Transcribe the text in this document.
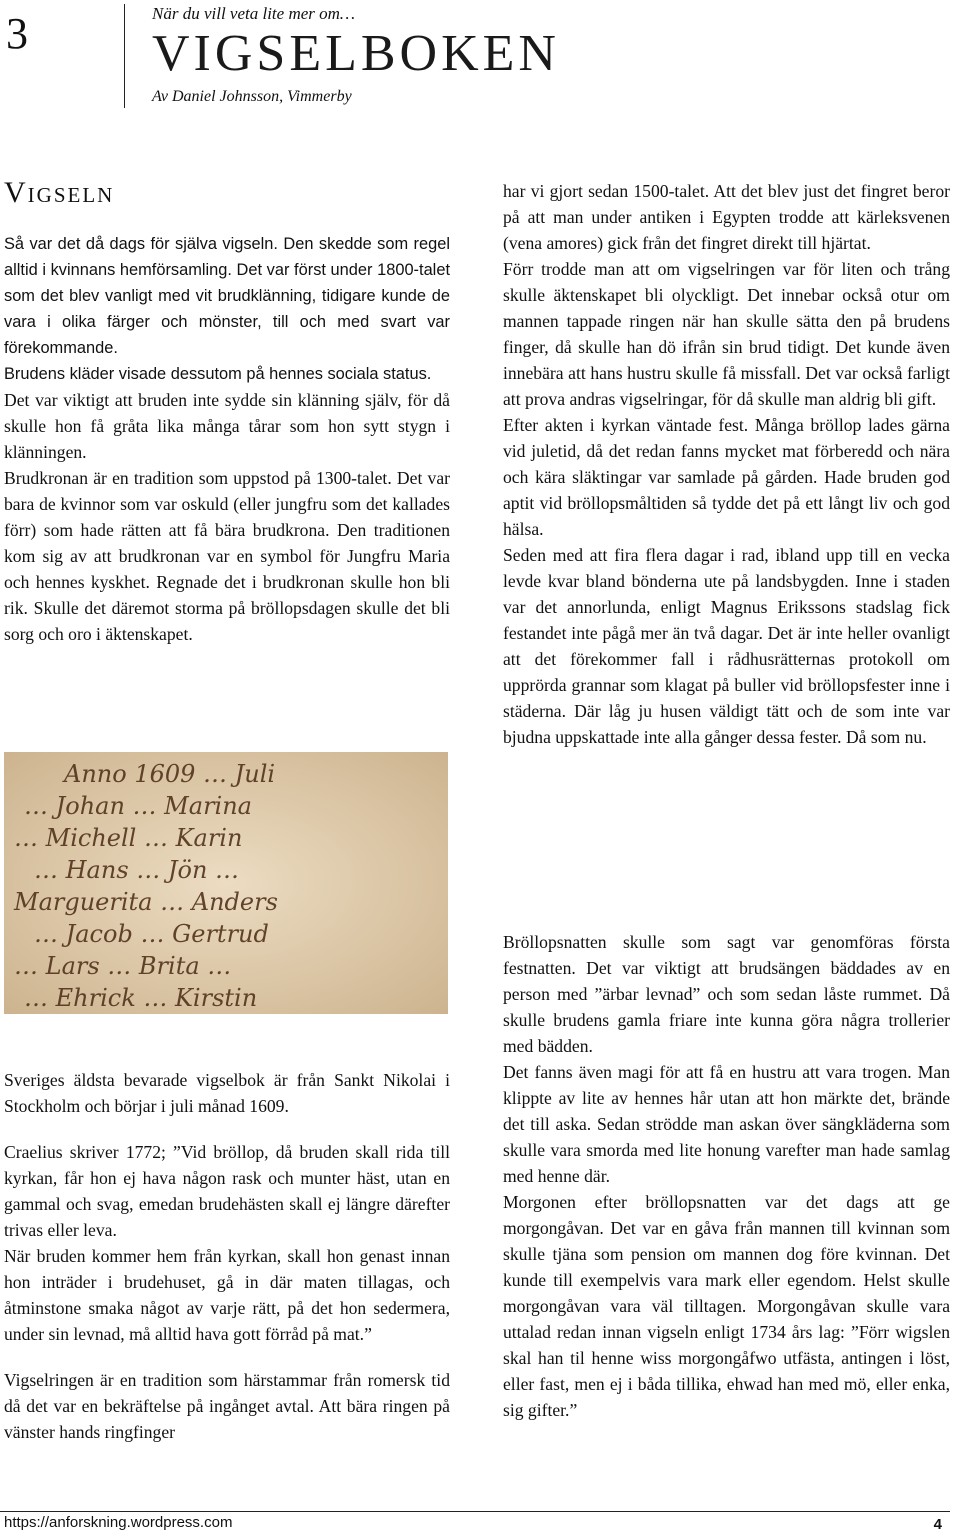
3	När du vill veta lite mer om…
VIGSELBOKEN
Av Daniel Johnsson, Vimmerby
Vigseln

Så var det då dags för själva vigseln. Den skedde som regel alltid i kvinnans hemförsamling. Det var först under 1800-talet som det blev vanligt med vit brudklänning, tidigare kunde de vara i olika färger och mönster, till och med svart var förekommande.

Brudens kläder visade dessutom på hennes sociala status.

Det var viktigt att bruden inte sydde sin klänning själv, för då skulle hon få gråta lika många tårar som hon sytt stygn i klänningen.

Brudkronan är en tradition som uppstod på 1300-talet. Det var bara de kvinnor som var oskuld (eller jungfru som det kallades förr) som hade rätten att få bära brudkrona. Den traditionen kom sig av att brudkronan var en symbol för Jungfru Maria och hennes kyskhet. Regnade det i brudkronan skulle hon bli rik. Skulle det däremot storma på bröllopsdagen skulle det bli sorg och oro i äktenskapet.

Anno 1609 … Juli
… Johan … Marina
… Michell … Karin
… Hans … Jön …
Marguerita … Anders
… Jacob … Gertrud
… Lars … Brita …
… Ehrick … Kirstin

Sveriges äldsta bevarade vigselbok är från Sankt Nikolai i Stockholm och börjar i juli månad 1609.

Craelius skriver 1772; ”Vid bröllop, då bruden skall rida till kyrkan, får hon ej hava någon rask och munter häst, utan en gammal och svag, emedan brudehästen skall ej längre därefter trivas eller leva.

När bruden kommer hem från kyrkan, skall hon genast innan hon inträder i brudehuset, gå in där maten tillagas, och åtminstone smaka något av varje rätt, på det hon sedermera, under sin levnad, må alltid hava gott förråd på mat.”

Vigselringen är en tradition som härstammar från romersk tid då det var en bekräftelse på ingånget avtal. Att bära ringen på vänster hands ringfinger

har vi gjort sedan 1500-talet. Att det blev just det fingret beror på att man under antiken i Egypten trodde att kärleksvenen (vena amores) gick från det fingret direkt till hjärtat.

Förr trodde man att om vigselringen var för liten och trång skulle äktenskapet bli olyckligt. Det innebar också otur om mannen tappade ringen när han skulle sätta den på brudens finger, då skulle han dö ifrån sin brud tidigt. Det kunde även innebära att hans hustru skulle få missfall. Det var också farligt att prova andras vigselringar, för då skulle man aldrig bli gift.

Efter akten i kyrkan väntade fest. Många bröllop lades gärna vid juletid, då det redan fanns mycket mat förberedd och nära och kära släktingar var samlade på gården. Hade bruden god aptit vid bröllopsmåltiden så tydde det på ett långt liv och god hälsa.

Seden med att fira flera dagar i rad, ibland upp till en vecka levde kvar bland bönderna ute på landsbygden. Inne i staden var det annorlunda, enligt Magnus Erikssons stadslag fick festandet inte pågå mer än två dagar. Det är inte heller ovanligt att det förekommer fall i rådhusrätternas protokoll om upprörda grannar som klagat på buller vid bröllopsfester inne i städerna. Där låg ju husen väldigt tätt och de som inte var bjudna uppskattade inte alla gånger dessa fester. Då som nu.

Bröllopsnatten skulle som sagt var genomföras första festnatten. Det var viktigt att brudsängen bäddades av en person med ”ärbar levnad” och som sedan låste rummet. Då skulle brudens gamla friare inte kunna göra några trollerier med bädden.

Det fanns även magi för att få en hustru att vara trogen. Man klippte av lite av hennes hår utan att hon märkte det, brände det till aska. Sedan strödde man askan över sängkläderna som skulle vara smorda med lite honung varefter man hade samlag med henne där.

Morgonen efter bröllopsnatten var det dags att ge morgongåvan. Det var en gåva från mannen till kvinnan som skulle tjäna som pension om mannen dog före kvinnan. Det kunde till exempelvis vara mark eller egendom. Helst skulle morgongåvan vara väl tilltagen. Morgongåvan skulle vara uttalad redan innan vigseln enligt 1734 års lag: ”Förr wigslen skal han til henne wiss morgongåfwo utfästa, antingen i löst, eller fast, men ej i båda tillika, ehwad han med mö, eller enka, sig gifter.”

https://anforskning.wordpress.com	4
